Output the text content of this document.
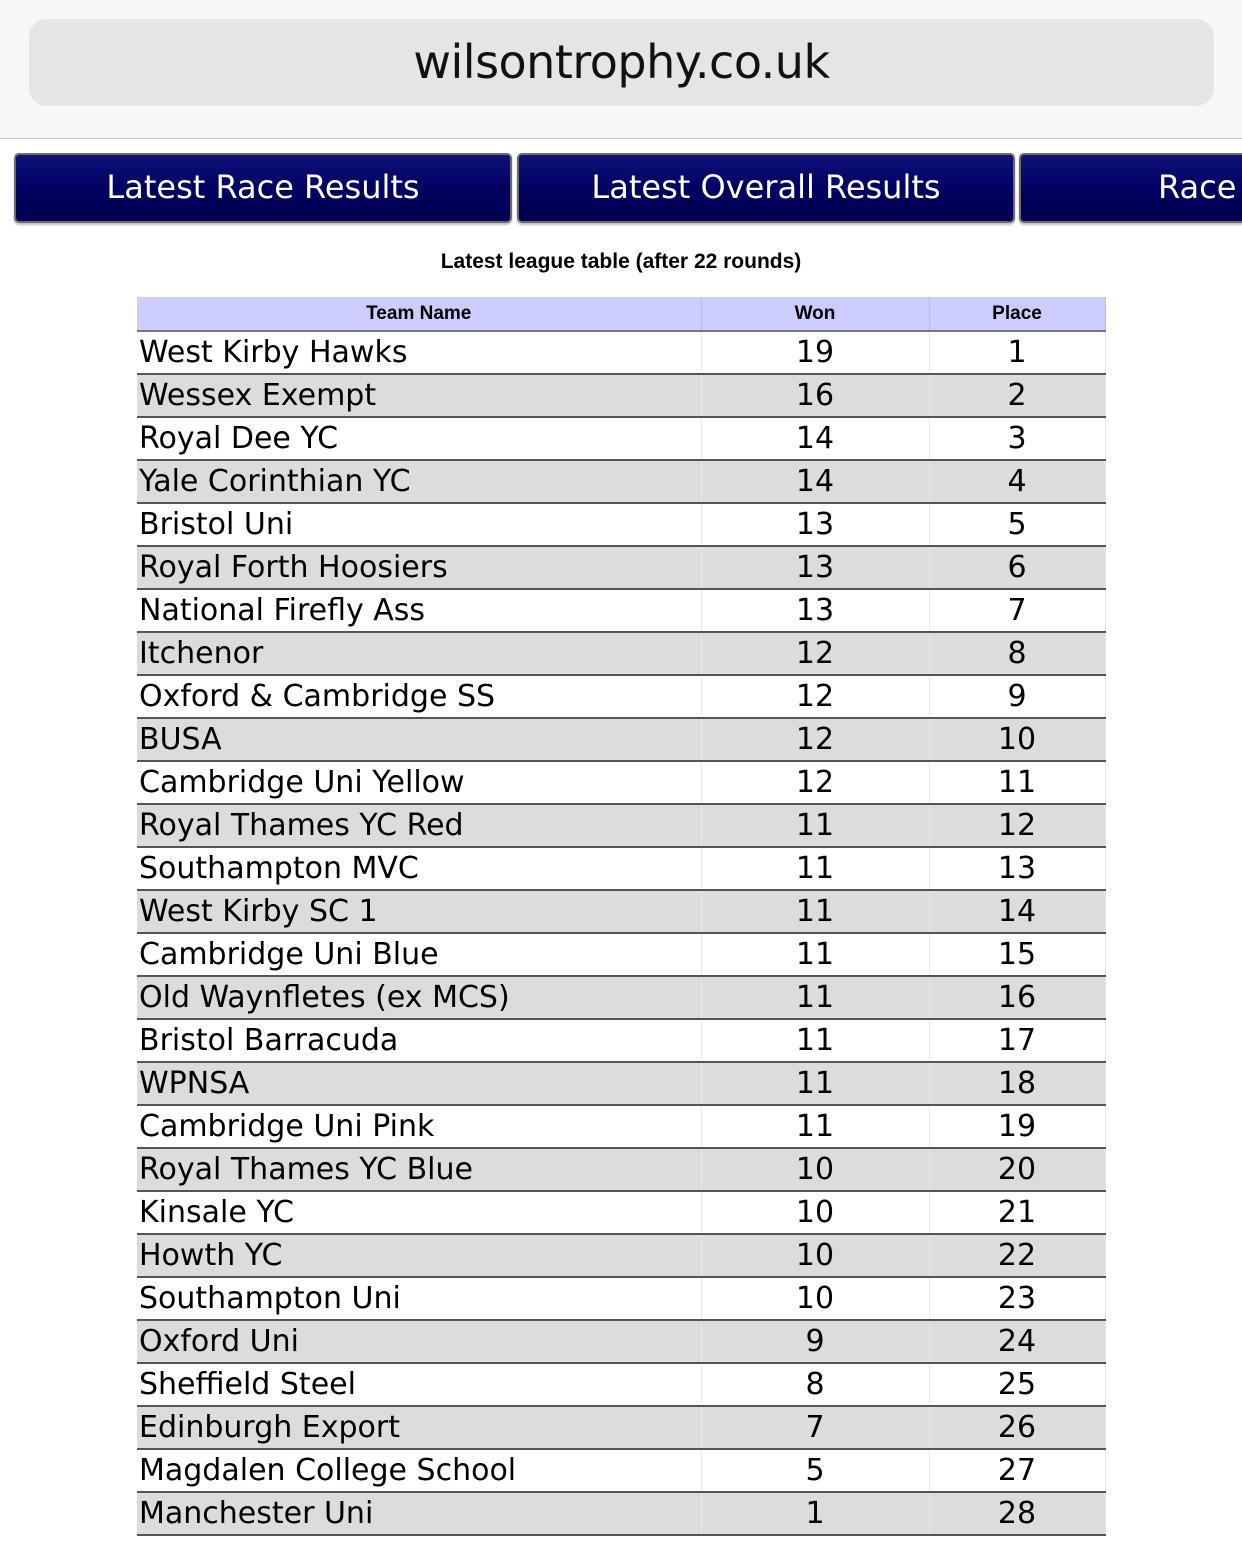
wilsontrophy.co.uk
Latest Race Results	Latest Overall Results	Race
Latest league table (after 22 rounds)
Team Name	Won	Place
West Kirby Hawks	19	1
Wessex Exempt	16	2
Royal Dee YC	14	3
Yale Corinthian YC	14	4
Bristol Uni	13	5
Royal Forth Hoosiers	13	6
National Firefly Ass	13	7
Itchenor	12	8
Oxford & Cambridge SS	12	9
BUSA	12	10
Cambridge Uni Yellow	12	11
Royal Thames YC Red	11	12
Southampton MVC	11	13
West Kirby SC 1	11	14
Cambridge Uni Blue	11	15
Old Waynfletes (ex MCS)	11	16
Bristol Barracuda	11	17
WPNSA	11	18
Cambridge Uni Pink	11	19
Royal Thames YC Blue	10	20
Kinsale YC	10	21
Howth YC	10	22
Southampton Uni	10	23
Oxford Uni	9	24
Sheffield Steel	8	25
Edinburgh Export	7	26
Magdalen College School	5	27
Manchester Uni	1	28
